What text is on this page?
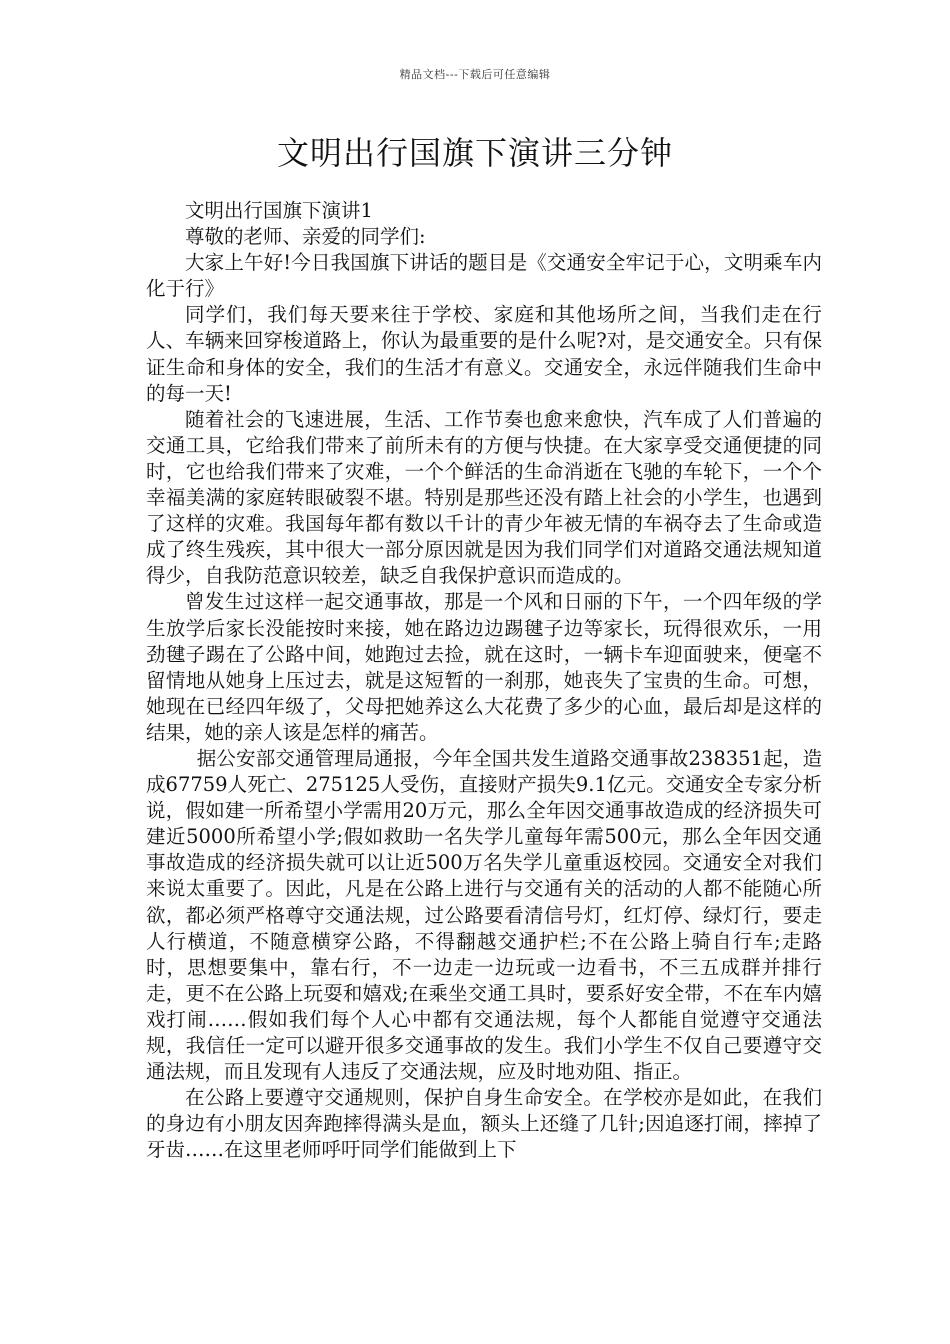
精品文档---下载后可任意编辑
文明出行国旗下演讲三分钟

文明出行国旗下演讲1

尊敬的老师、亲爱的同学们:

大家上午好!今日我国旗下讲话的题目是《交通安全牢记于心，文明乘车内化于行》

同学们，我们每天要来往于学校、家庭和其他场所之间，当我们走在行人、车辆来回穿梭道路上，你认为最重要的是什么呢?对，是交通安全。只有保证生命和身体的安全，我们的生活才有意义。交通安全，永远伴随我们生命中的每一天!

随着社会的飞速进展，生活、工作节奏也愈来愈快，汽车成了人们普遍的交通工具，它给我们带来了前所未有的方便与快捷。在大家享受交通便捷的同时，它也给我们带来了灾难，一个个鲜活的生命消逝在飞驰的车轮下，一个个幸福美满的家庭转眼破裂不堪。特别是那些还没有踏上社会的小学生，也遇到了这样的灾难。我国每年都有数以千计的青少年被无情的车祸夺去了生命或造成了终生残疾，其中很大一部分原因就是因为我们同学们对道路交通法规知道得少，自我防范意识较差，缺乏自我保护意识而造成的。

曾发生过这样一起交通事故，那是一个风和日丽的下午，一个四年级的学生放学后家长没能按时来接，她在路边边踢毽子边等家长，玩得很欢乐，一用劲毽子踢在了公路中间，她跑过去捡，就在这时，一辆卡车迎面驶来，便毫不留情地从她身上压过去，就是这短暂的一刹那，她丧失了宝贵的生命。可想，她现在已经四年级了，父母把她养这么大花费了多少的心血，最后却是这样的结果，她的亲人该是怎样的痛苦。

据公安部交通管理局通报，今年全国共发生道路交通事故238351起，造成67759人死亡、275125人受伤，直接财产损失9.1亿元。交通安全专家分析说，假如建一所希望小学需用20万元，那么全年因交通事故造成的经济损失可建近5000所希望小学;假如救助一名失学儿童每年需500元，那么全年因交通事故造成的经济损失就可以让近500万名失学儿童重返校园。交通安全对我们来说太重要了。因此，凡是在公路上进行与交通有关的活动的人都不能随心所欲，都必须严格尊守交通法规，过公路要看清信号灯，红灯停、绿灯行，要走人行横道，不随意横穿公路，不得翻越交通护栏;不在公路上骑自行车;走路时，思想要集中，靠右行，不一边走一边玩或一边看书，不三五成群并排行走，更不在公路上玩耍和嬉戏;在乘坐交通工具时，要系好安全带，不在车内嬉戏打闹……假如我们每个人心中都有交通法规，每个人都能自觉遵守交通法规，我信任一定可以避开很多交通事故的发生。我们小学生不仅自己要遵守交通法规，而且发现有人违反了交通法规，应及时地劝阻、指正。

在公路上要遵守交通规则，保护自身生命安全。在学校亦是如此，在我们的身边有小朋友因奔跑摔得满头是血，额头上还缝了几针;因追逐打闹，摔掉了牙齿……在这里老师呼吁同学们能做到上下
